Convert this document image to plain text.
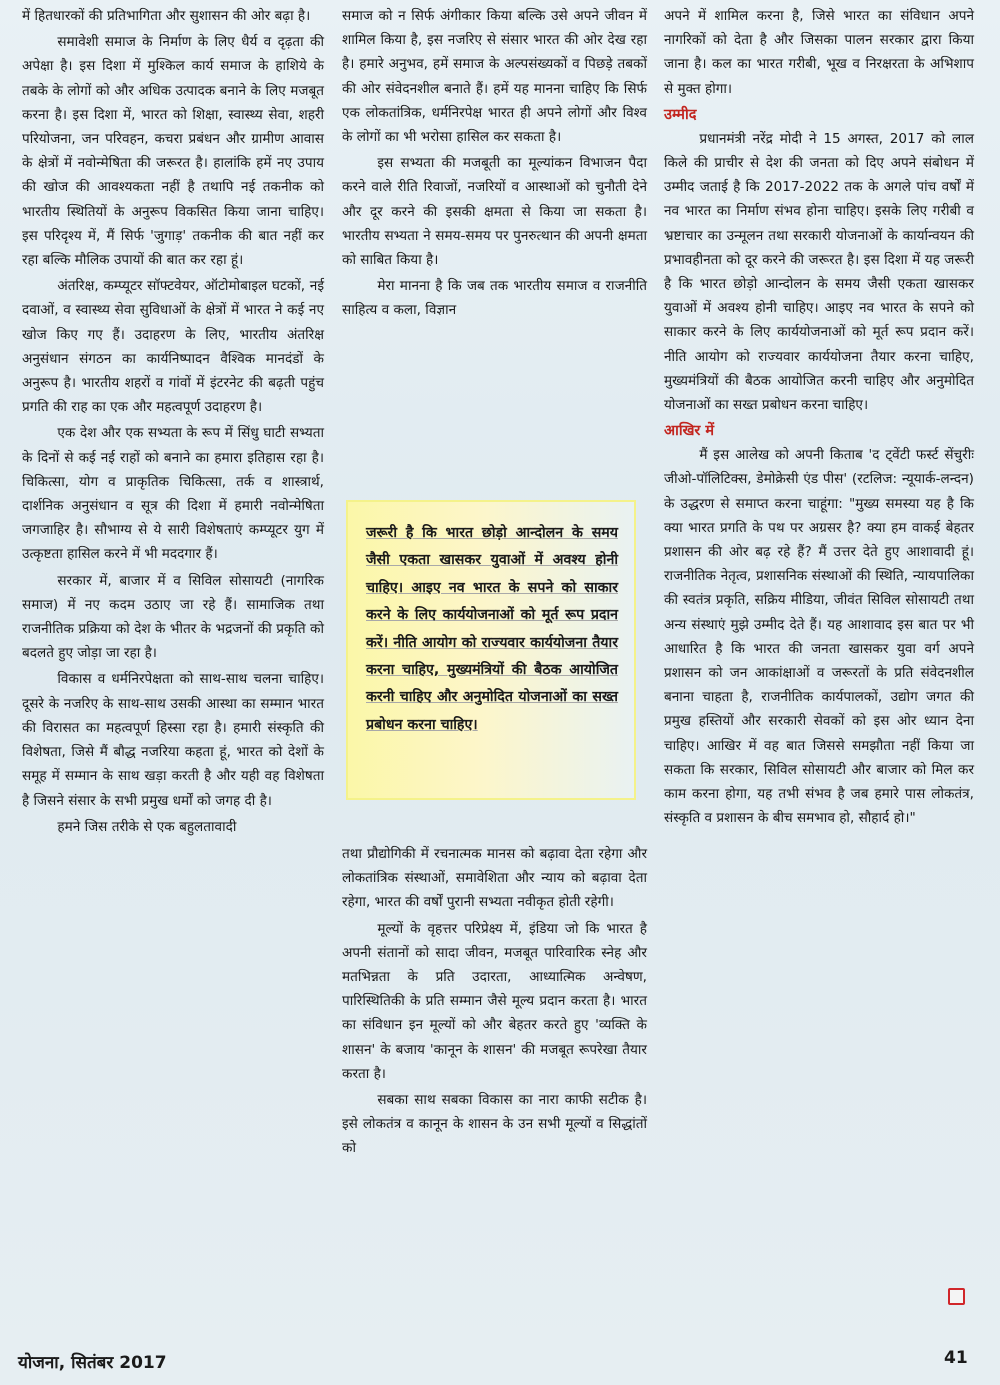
में हितधारकों की प्रतिभागिता और सुशासन की ओर बढ़ा है।

समावेशी समाज के निर्माण के लिए धैर्य व दृढ़ता की अपेक्षा है। इस दिशा में मुश्किल कार्य समाज के हाशिये के तबके के लोगों को और अधिक उत्पादक बनाने के लिए मजबूत करना है। इस दिशा में, भारत को शिक्षा, स्वास्थ्य सेवा, शहरी परियोजना, जन परिवहन, कचरा प्रबंधन और ग्रामीण आवास के क्षेत्रों में नवोन्मेषिता की जरूरत है। हालांकि हमें नए उपाय की खोज की आवश्यकता नहीं है तथापि नई तकनीक को भारतीय स्थितियों के अनुरूप विकसित किया जाना चाहिए। इस परिदृश्य में, मैं सिर्फ 'जुगाड़' तकनीक की बात नहीं कर रहा बल्कि मौलिक उपायों की बात कर रहा हूं।

अंतरिक्ष, कम्प्यूटर सॉफ्टवेयर, ऑटोमोबाइल घटकों, नई दवाओं, व स्वास्थ्य सेवा सुविधाओं के क्षेत्रों में भारत ने कई नए खोज किए गए हैं। उदाहरण के लिए, भारतीय अंतरिक्ष अनुसंधान संगठन का कार्यनिष्पादन वैश्विक मानदंडों के अनुरूप है। भारतीय शहरों व गांवों में इंटरनेट की बढ़ती पहुंच प्रगति की राह का एक और महत्वपूर्ण उदाहरण है।

एक देश और एक सभ्यता के रूप में सिंधु घाटी सभ्यता के दिनों से कई नई राहों को बनाने का हमारा इतिहास रहा है। चिकित्सा, योग व प्राकृतिक चिकित्सा, तर्क व शास्त्रार्थ, दार्शनिक अनुसंधान व सूत्र की दिशा में हमारी नवोन्मेषिता जगजाहिर है। सौभाग्य से ये सारी विशेषताएं कम्प्यूटर युग में उत्कृष्टता हासिल करने में भी मददगार हैं।

सरकार में, बाजार में व सिविल सोसायटी (नागरिक समाज) में नए कदम उठाए जा रहे हैं। सामाजिक तथा राजनीतिक प्रक्रिया को देश के भीतर के भद्रजनों की प्रकृति को बदलते हुए जोड़ा जा रहा है।

विकास व धर्मनिरपेक्षता को साथ-साथ चलना चाहिए। दूसरे के नजरिए के साथ-साथ उसकी आस्था का सम्मान भारत की विरासत का महत्वपूर्ण हिस्सा रहा है। हमारी संस्कृति की विशेषता, जिसे मैं बौद्ध नजरिया कहता हूं, भारत को देशों के समूह में सम्मान के साथ खड़ा करती है और यही वह विशेषता है जिसने संसार के सभी प्रमुख धर्मों को जगह दी है।

हमने जिस तरीके से एक बहुलतावादी

समाज को न सिर्फ अंगीकार किया बल्कि उसे अपने जीवन में शामिल किया है, इस नजरिए से संसार भारत की ओर देख रहा है। हमारे अनुभव, हमें समाज के अल्पसंख्यकों व पिछड़े तबकों की ओर संवेदनशील बनाते हैं। हमें यह मानना चाहिए कि सिर्फ एक लोकतांत्रिक, धर्मनिरपेक्ष भारत ही अपने लोगों और विश्व के लोगों का भी भरोसा हासिल कर सकता है।

इस सभ्यता की मजबूती का मूल्यांकन विभाजन पैदा करने वाले रीति रिवाजों, नजरियों व आस्थाओं को चुनौती देने और दूर करने की इसकी क्षमता से किया जा सकता है। भारतीय सभ्यता ने समय-समय पर पुनरुत्थान की अपनी क्षमता को साबित किया है।

मेरा मानना है कि जब तक भारतीय समाज व राजनीति साहित्य व कला, विज्ञान

जरूरी है कि भारत छोड़ो आन्दोलन के समय जैसी एकता खासकर युवाओं में अवश्य होनी चाहिए। आइए नव भारत के सपने को साकार करने के लिए कार्ययोजनाओं को मूर्त रूप प्रदान करें। नीति आयोग को राज्यवार कार्ययोजना तैयार करना चाहिए, मुख्यमंत्रियों की बैठक आयोजित करनी चाहिए और अनुमोदित योजनाओं का सख्त प्रबोधन करना चाहिए।

तथा प्रौद्योगिकी में रचनात्मक मानस को बढ़ावा देता रहेगा और लोकतांत्रिक संस्थाओं, समावेशिता और न्याय को बढ़ावा देता रहेगा, भारत की वर्षों पुरानी सभ्यता नवीकृत होती रहेगी।

मूल्यों के वृहत्तर परिप्रेक्ष्य में, इंडिया जो कि भारत है अपनी संतानों को सादा जीवन, मजबूत पारिवारिक स्नेह और मतभिन्नता के प्रति उदारता, आध्यात्मिक अन्वेषण, पारिस्थितिकी के प्रति सम्मान जैसे मूल्य प्रदान करता है। भारत का संविधान इन मूल्यों को और बेहतर करते हुए 'व्यक्ति के शासन' के बजाय 'कानून के शासन' की मजबूत रूपरेखा तैयार करता है।

सबका साथ सबका विकास का नारा काफी सटीक है। इसे लोकतंत्र व कानून के शासन के उन सभी मूल्यों व सिद्धांतों को

अपने में शामिल करना है, जिसे भारत का संविधान अपने नागरिकों को देता है और जिसका पालन सरकार द्वारा किया जाना है। कल का भारत गरीबी, भूख व निरक्षरता के अभिशाप से मुक्त होगा।

उम्मीद

प्रधानमंत्री नरेंद्र मोदी ने 15 अगस्त, 2017 को लाल किले की प्राचीर से देश की जनता को दिए अपने संबोधन में उम्मीद जताई है कि 2017-2022 तक के अगले पांच वर्षों में नव भारत का निर्माण संभव होना चाहिए। इसके लिए गरीबी व भ्रष्टाचार का उन्मूलन तथा सरकारी योजनाओं के कार्यान्वयन की प्रभावहीनता को दूर करने की जरूरत है। इस दिशा में यह जरूरी है कि भारत छोड़ो आन्दोलन के समय जैसी एकता खासकर युवाओं में अवश्य होनी चाहिए। आइए नव भारत के सपने को साकार करने के लिए कार्ययोजनाओं को मूर्त रूप प्रदान करें। नीति आयोग को राज्यवार कार्ययोजना तैयार करना चाहिए, मुख्यमंत्रियों की बैठक आयोजित करनी चाहिए और अनुमोदित योजनाओं का सख्त प्रबोधन करना चाहिए।

आखिर में

मैं इस आलेख को अपनी किताब 'द ट्वेंटी फर्स्ट सेंचुरीः जीओ-पॉलिटिक्स, डेमोक्रेसी एंड पीस' (रटलिज: न्यूयार्क-लन्दन) के उद्धरण से समाप्त करना चाहूंगा: "मुख्य समस्या यह है कि क्या भारत प्रगति के पथ पर अग्रसर है? क्या हम वाकई बेहतर प्रशासन की ओर बढ़ रहे हैं? मैं उत्तर देते हुए आशावादी हूं। राजनीतिक नेतृत्व, प्रशासनिक संस्थाओं की स्थिति, न्यायपालिका की स्वतंत्र प्रकृति, सक्रिय मीडिया, जीवंत सिविल सोसायटी तथा अन्य संस्थाएं मुझे उम्मीद देते हैं। यह आशावाद इस बात पर भी आधारित है कि भारत की जनता खासकर युवा वर्ग अपने प्रशासन को जन आकांक्षाओं व जरूरतों के प्रति संवेदनशील बनाना चाहता है, राजनीतिक कार्यपालकों, उद्योग जगत की प्रमुख हस्तियों और सरकारी सेवकों को इस ओर ध्यान देना चाहिए। आखिर में वह बात जिससे समझौता नहीं किया जा सकता कि सरकार, सिविल सोसायटी और बाजार को मिल कर काम करना होगा, यह तभी संभव है जब हमारे पास लोकतंत्र, संस्कृति व प्रशासन के बीच समभाव हो, सौहार्द हो।"

योजना, सितंबर 2017	41
